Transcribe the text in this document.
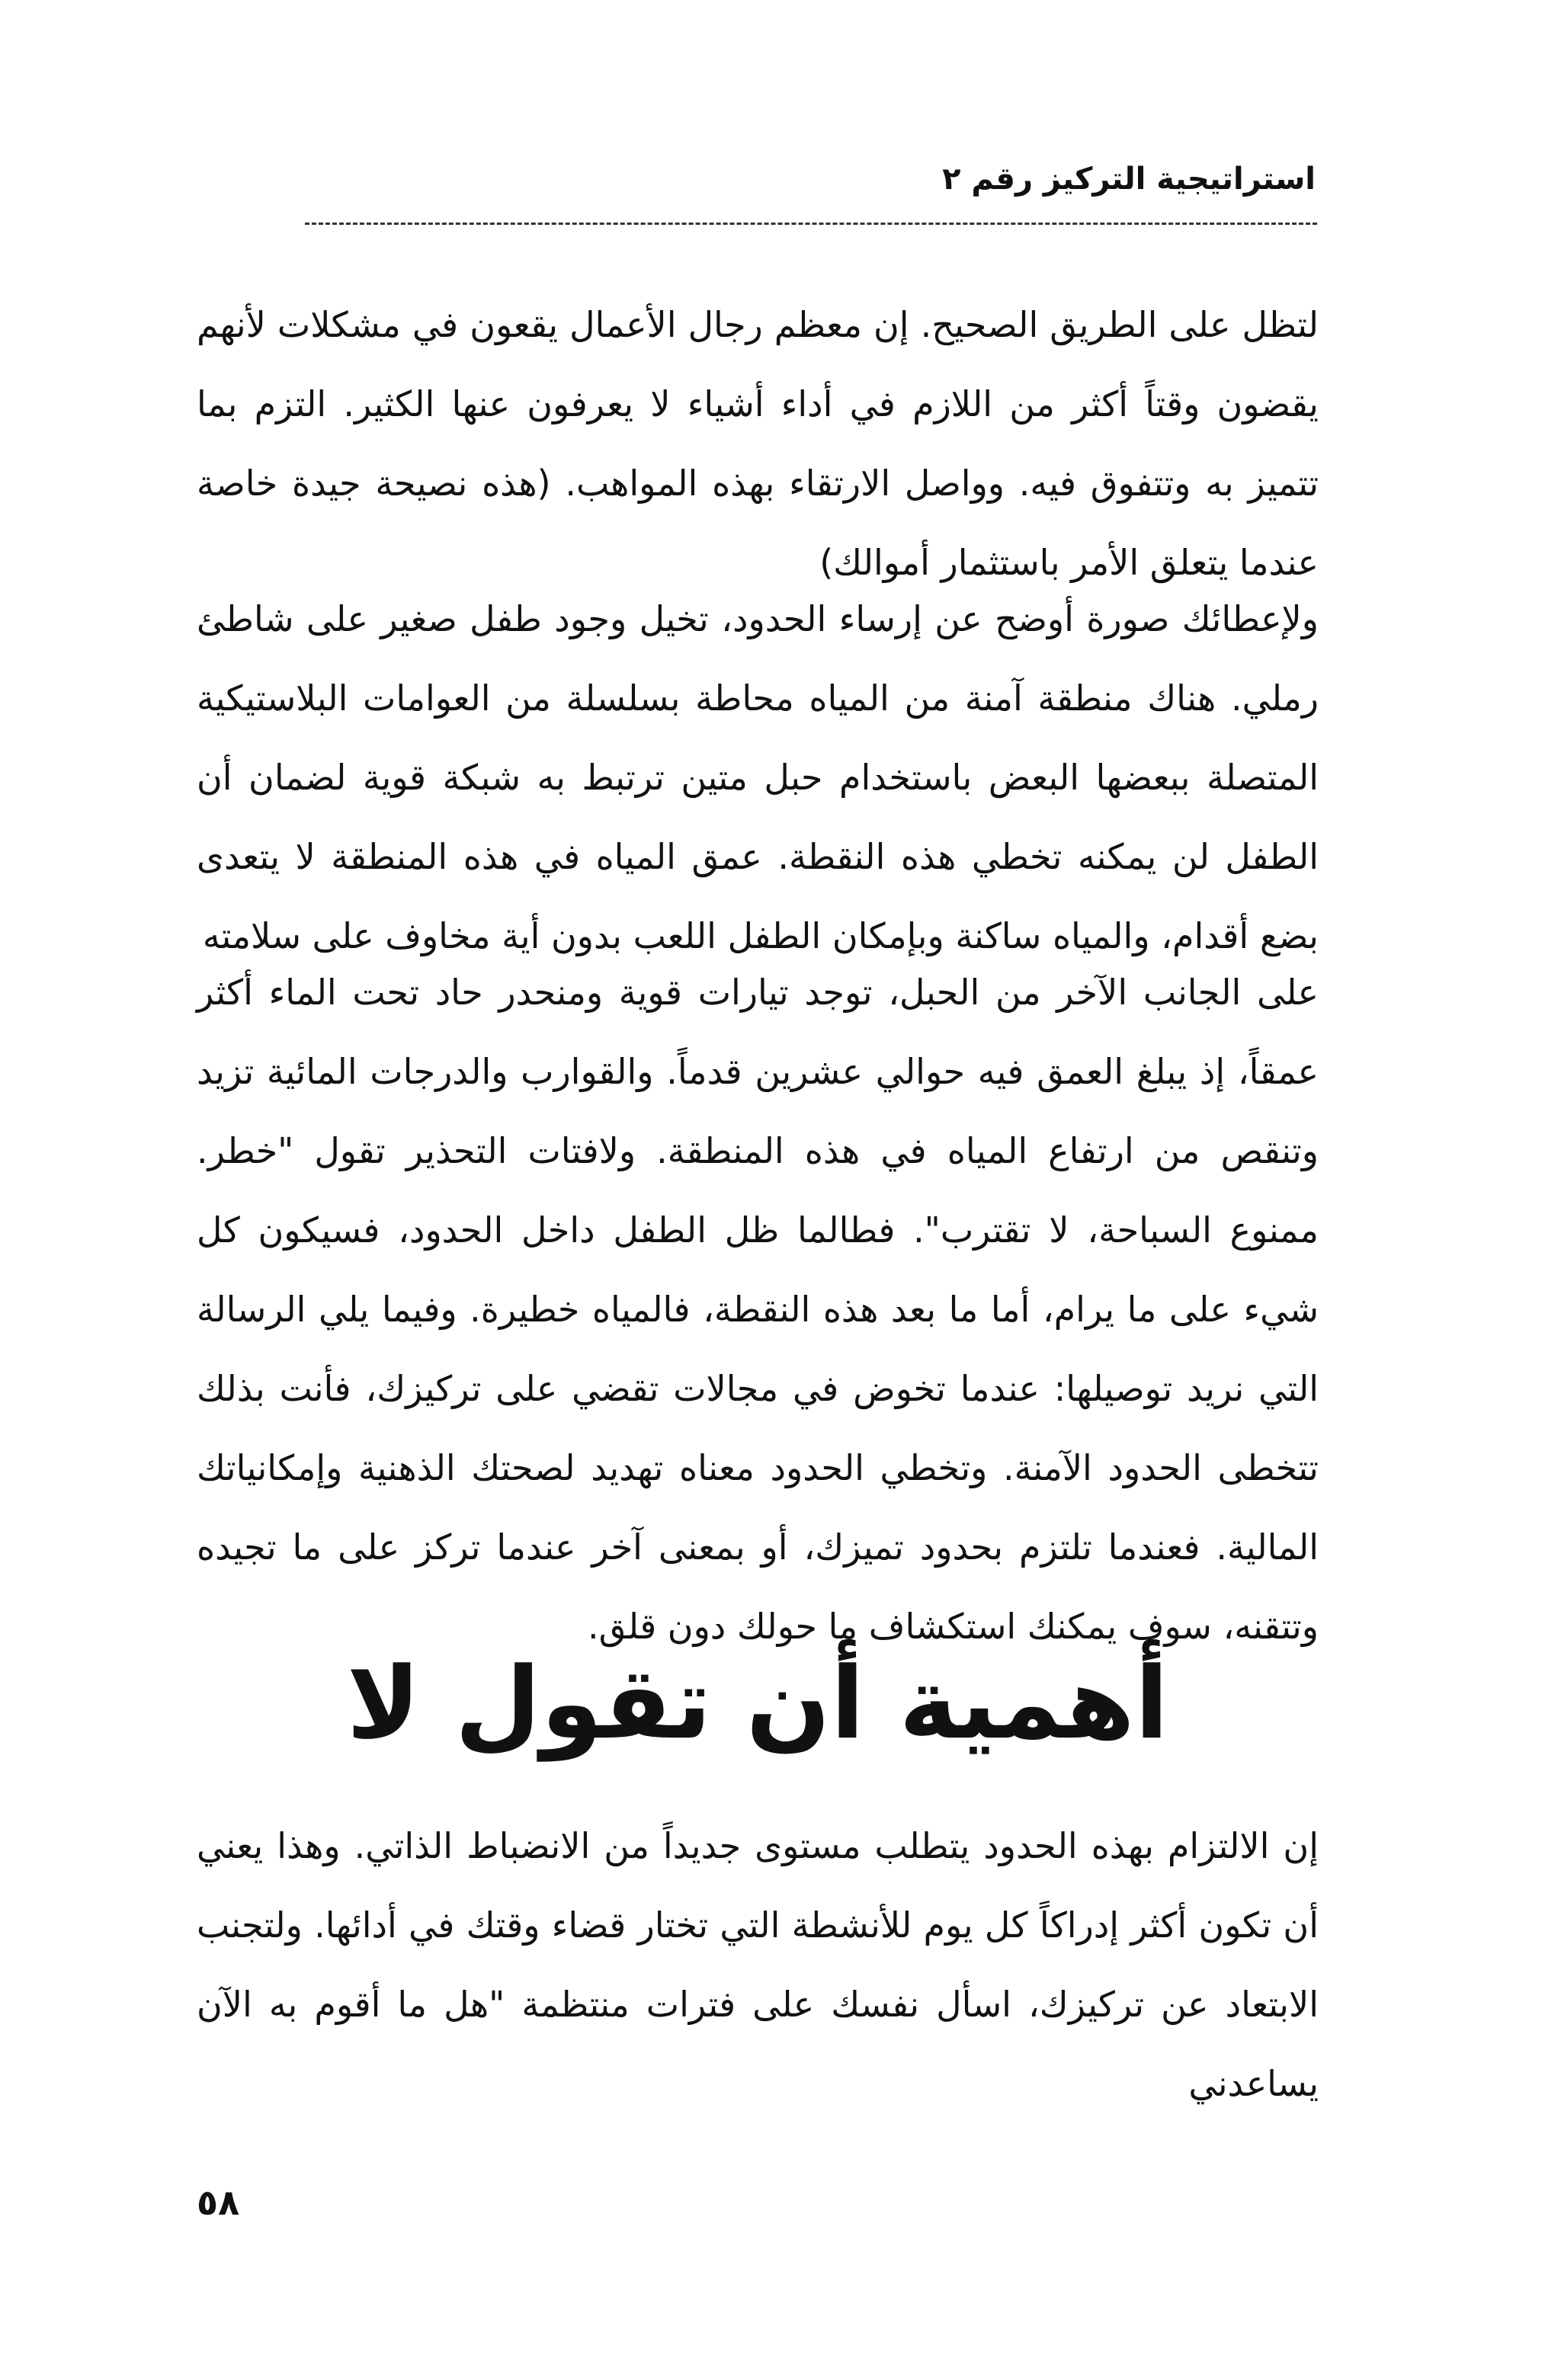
استراتيجية التركيز رقم ٢

لتظل على الطريق الصحيح. إن معظم رجال الأعمال يقعون في مشكلات لأنهم يقضون وقتاً أكثر من اللازم في أداء أشياء لا يعرفون عنها الكثير. التزم بما تتميز به وتتفوق فيه. وواصل الارتقاء بهذه المواهب. (هذه نصيحة جيدة خاصة عندما يتعلق الأمر باستثمار أموالك)

ولإعطائك صورة أوضح عن إرساء الحدود، تخيل وجود طفل صغير على شاطئ رملي. هناك منطقة آمنة من المياه محاطة بسلسلة من العوامات البلاستيكية المتصلة ببعضها البعض باستخدام حبل متين ترتبط به شبكة قوية لضمان أن الطفل لن يمكنه تخطي هذه النقطة. عمق المياه في هذه المنطقة لا يتعدى بضع أقدام، والمياه ساكنة وبإمكان الطفل اللعب بدون أية مخاوف على سلامته

على الجانب الآخر من الحبل، توجد تيارات قوية ومنحدر حاد تحت الماء أكثر عمقاً، إذ يبلغ العمق فيه حوالي عشرين قدماً. والقوارب والدرجات المائية تزيد وتنقص من ارتفاع المياه في هذه المنطقة. ولافتات التحذير تقول "خطر. ممنوع السباحة، لا تقترب". فطالما ظل الطفل داخل الحدود، فسيكون كل شيء على ما يرام، أما ما بعد هذه النقطة، فالمياه خطيرة. وفيما يلي الرسالة التي نريد توصيلها: عندما تخوض في مجالات تقضي على تركيزك، فأنت بذلك تتخطى الحدود الآمنة. وتخطي الحدود معناه تهديد لصحتك الذهنية وإمكانياتك المالية. فعندما تلتزم بحدود تميزك، أو بمعنى آخر عندما تركز على ما تجيده وتتقنه، سوف يمكنك استكشاف ما حولك دون قلق.

أهمية أن تقول لا

إن الالتزام بهذه الحدود يتطلب مستوى جديداً من الانضباط الذاتي. وهذا يعني أن تكون أكثر إدراكاً كل يوم للأنشطة التي تختار قضاء وقتك في أدائها. ولتجنب الابتعاد عن تركيزك، اسأل نفسك على فترات منتظمة "هل ما أقوم به الآن يساعدني

٥٨
